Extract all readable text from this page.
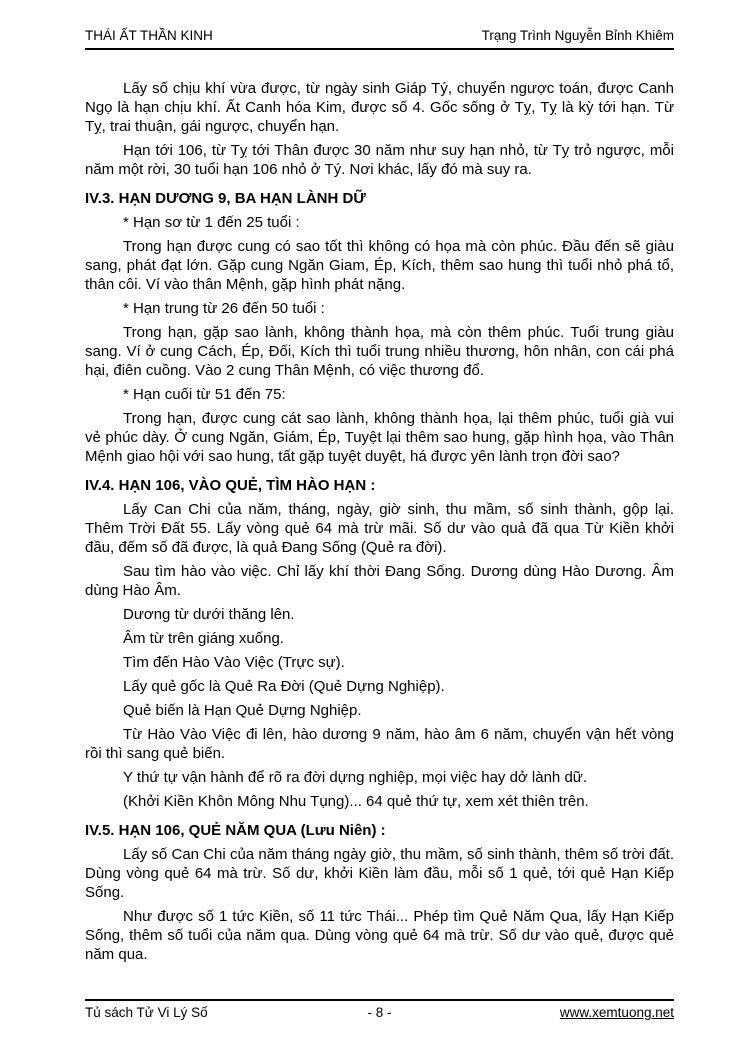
THÁI ẤT THẦN KINH	Trạng Trình Nguyễn Bỉnh Khiêm

Lấy số chịu khí vừa được, từ ngày sinh Giáp Tý, chuyển ngược toán, được Canh Ngọ là hạn chịu khí. Ất Canh hóa Kim, được số 4. Gốc sống ở Tỵ, Tỵ là kỳ tới hạn. Từ Tỵ, trai thuận, gái ngược, chuyển hạn.

Hạn tới 106, từ Tỵ tới Thân được 30 năm như suy hạn nhỏ, từ Tỵ trỏ ngược, mỗi năm một rời, 30 tuổi hạn 106 nhỏ ở Tý. Nơi khác, lấy đó mà suy ra.

IV.3. HẠN DƯƠNG 9, BA HẠN LÀNH DỮ

* Hạn sơ từ 1 đến 25 tuổi :

Trong hạn được cung có sao tốt thì không có họa mà còn phúc. Đầu đến sẽ giàu sang, phát đạt lớn. Gặp cung Ngăn Giam, Ép, Kích, thêm sao hung thì tuổi nhỏ phá tổ, thân côi. Ví vào thân Mệnh, gặp hình phát nặng.

* Hạn trung từ 26 đến 50 tuổi :

Trong hạn, gặp sao lành, không thành họa, mà còn thêm phúc. Tuổi trung giàu sang. Ví ở cung Cách, Ép, Đối, Kích thì tuổi trung nhiều thương, hôn nhân, con cái phá hại, điên cuồng. Vào 2 cung Thân Mệnh, có việc thương đổ.

* Hạn cuối từ 51 đến 75:

Trong hạn, được cung cát sao lành, không thành họa, lại thêm phúc, tuổi già vui vẻ phúc dày. Ở cung Ngăn, Giám, Ép, Tuyệt lại thêm sao hung, gặp hình họa, vào Thân Mệnh giao hội với sao hung, tất gặp tuyệt duyệt, há được yên lành trọn đời sao?

IV.4. HẠN 106, VÀO QUẺ, TÌM HÀO HẠN :

Lấy Can Chi của năm, tháng, ngày, giờ sinh, thu mầm, số sinh thành, gộp lại. Thêm Trời Đất 55. Lấy vòng quẻ 64 mà trừ mãi. Số dư vào quả đã qua Từ Kiền khởi đầu, đếm số đã được, là quả Đang Sống (Quẻ ra đời).

Sau tìm hào vào việc. Chỉ lấy khí thời Đang Sống. Dương dùng Hào Dương. Âm dùng Hào Âm.

Dương từ dưới thăng lên.

Âm từ trên giáng xuống.

Tìm đến Hào Vào Việc (Trực sự).

Lấy quẻ gốc là Quẻ Ra Đời (Quẻ Dựng Nghiệp).

Quẻ biến là Hạn Quẻ Dựng Nghiệp.

Từ Hào Vào Việc đi lên, hào dương 9 năm, hào âm 6 năm, chuyển vận hết vòng rồi thì sang quẻ biến.

Y thứ tự vận hành để rõ ra đời dựng nghiệp, mọi việc hay dở lành dữ.

(Khởi Kiền Khôn Mông Nhu Tụng)... 64 quẻ thứ tự, xem xét thiên trên.

IV.5. HẠN 106, QUẺ NĂM QUA (Lưu Niên) :

Lấy số Can Chi của năm tháng ngày giờ, thu mầm, số sinh thành, thêm số trời đất. Dùng vòng quẻ 64 mà trừ. Số dư, khởi Kiền làm đầu, mỗi số 1 quẻ, tới quẻ Hạn Kiếp Sống.

Như được số 1 tức Kiền, số 11 tức Thái... Phép tìm Quẻ Năm Qua, lấy Hạn Kiếp Sống, thêm số tuổi của năm qua. Dùng vòng quẻ 64 mà trừ. Số dư vào quẻ, được quẻ năm qua.

Tủ sách Tử Vi Lý Số	- 8 -	www.xemtuong.net
